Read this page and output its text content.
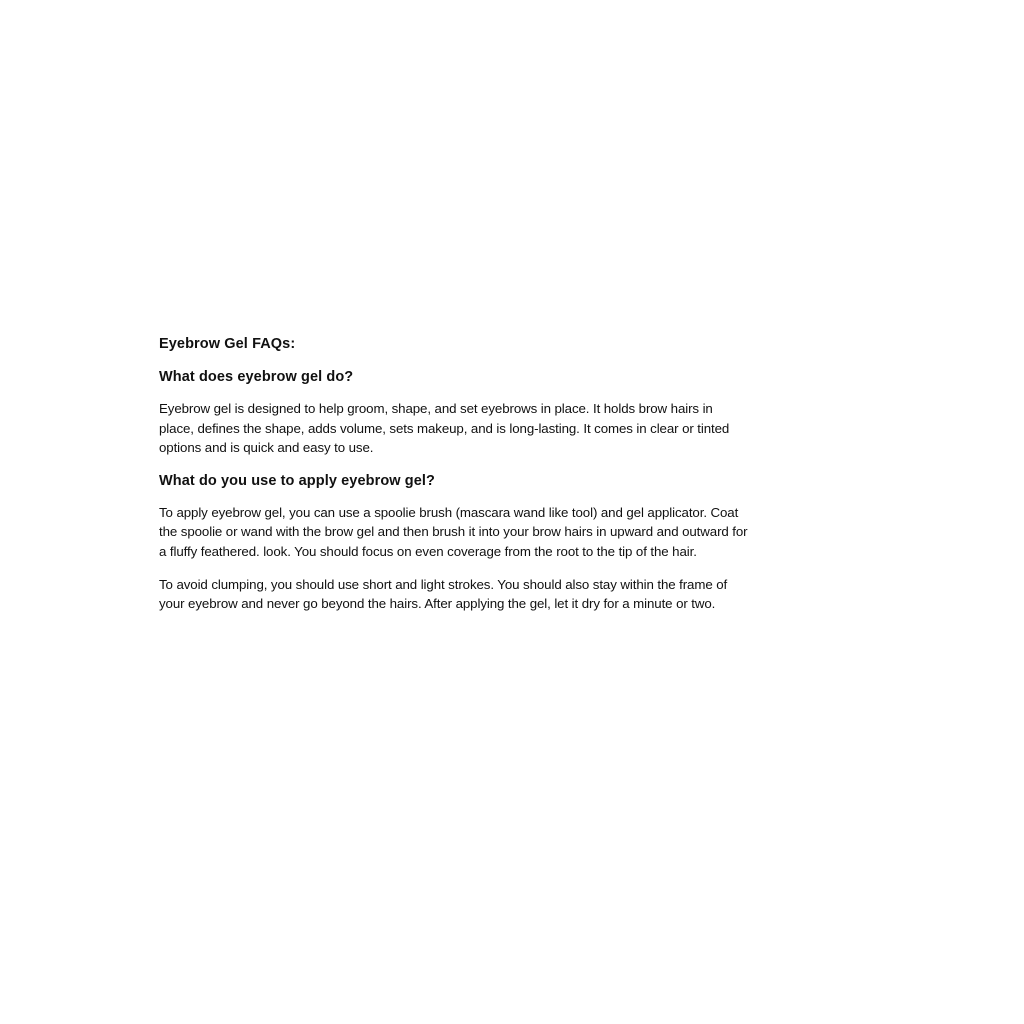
Eyebrow Gel FAQs:
What does eyebrow gel do?

Eyebrow gel is designed to help groom, shape, and set eyebrows in place. It holds brow hairs in place, defines the shape, adds volume, sets makeup, and is long-lasting. It comes in clear or tinted options and is quick and easy to use.

What do you use to apply eyebrow gel?

To apply eyebrow gel, you can use a spoolie brush (mascara wand like tool) and gel applicator. Coat the spoolie or wand with the brow gel and then brush it into your brow hairs in upward and outward for a fluffy feathered. look. You should focus on even coverage from the root to the tip of the hair.

To avoid clumping, you should use short and light strokes. You should also stay within the frame of your eyebrow and never go beyond the hairs. After applying the gel, let it dry for a minute or two.
